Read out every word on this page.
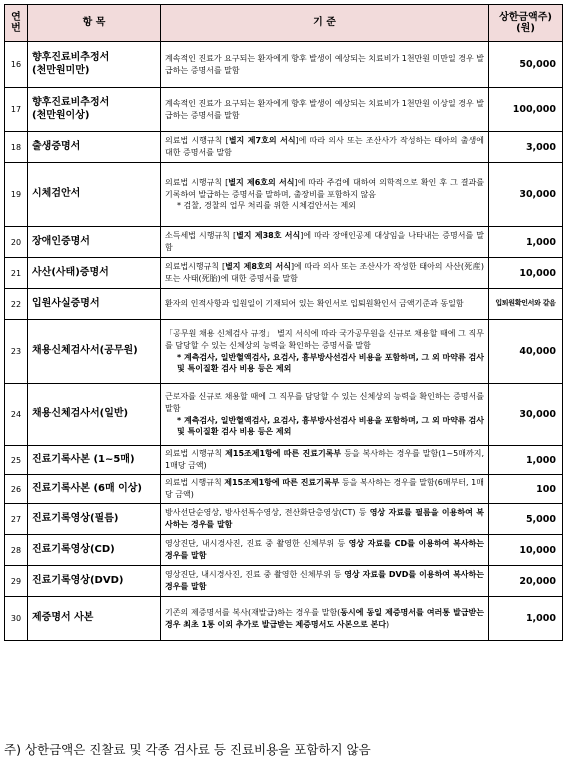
연
번	항 목	기 준	상한금액주)
(원)
16	향후진료비추정서
(천만원미만)	계속적인 진료가 요구되는 환자에게 향후 발생이 예상되는 치료비가 1천만원 미만일 경우 발급하는 증명서를 말함	50,000
17	향후진료비추정서
(천만원이상)	계속적인 진료가 요구되는 환자에게 향후 발생이 예상되는 치료비가 1천만원 이상일 경우 발급하는 증명서를 말함	100,000
18	출생증명서	의료법 시행규칙 [별지 제7호의 서식]에 따라 의사 또는 조산사가 작성하는 태아의 출생에 대한 증명서를 말함	3,000
19	시체검안서	의료법 시행규칙 [별지 제6호의 서식]에 따라 주검에 대하여 의학적으로 확인 후 그 결과를 기록하여 발급하는 증명서를 말하며, 출장비를 포함하지 않음
* 검찰, 경찰의 업무 처리를 위한 시체검안서는 제외	30,000
20	장애인증명서	소득세법 시행규칙 [별지 제38호 서식]에 따라 장애인공제 대상임을 나타내는 증명서를 말함	1,000
21	사산(사태)증명서	의료법시행규칙 [별지 제8호의 서식]에 따라 의사 또는 조산사가 작성한 태아의 사산(死産) 또는 사태(死胎)에 대한 증명서를 말함	10,000
22	입원사실증명서	환자의 인적사항과 입원일이 기재되어 있는 확인서로 입퇴원확인서 금액기준과 동일함	입퇴원확인서와 같음
23	채용신체검사서(공무원)	「공무원 채용 신체검사 규정」 별지 서식에 따라 국가공무원을 신규로 채용할 때에 그 직무를 담당할 수 있는 신체상의 능력을 확인하는 증명서를 말함
* 계측검사, 일반혈액검사, 요검사, 흉부방사선검사 비용을 포함하며, 그 외 마약류 검사 및 특이질환 검사 비용 등은 제외	40,000
24	채용신체검사서(일반)	근로자를 신규로 채용할 때에 그 직무를 담당할 수 있는 신체상의 능력을 확인하는 증명서를 말함
* 계측검사, 일반혈액검사, 요검사, 흉부방사선검사 비용을 포함하며, 그 외 마약류 검사 및 특이질환 검사 비용 등은 제외	30,000
25	진료기록사본 (1~5매)	의료법 시행규칙 제15조제1항에 따른 진료기록부 등을 복사하는 경우를 말함(1~5매까지, 1매당 금액)	1,000
26	진료기록사본 (6매 이상)	의료법 시행규칙 제15조제1항에 따른 진료기록부 등을 복사하는 경우를 말함(6매부터, 1매당 금액)	100
27	진료기록영상(필름)	방사선단순영상, 방사선특수영상, 전산화단층영상(CT) 등 영상 자료를 필름을 이용하여 복사하는 경우를 말함	5,000
28	진료기록영상(CD)	영상진단, 내시경사진, 진료 중 촬영한 신체부위 등 영상 자료를 CD를 이용하여 복사하는 경우를 말함	10,000
29	진료기록영상(DVD)	영상진단, 내시경사진, 진료 중 촬영한 신체부위 등 영상 자료를 DVD를 이용하여 복사하는 경우를 말함	20,000
30	제증명서 사본	기존의 제증명서를 복사(재발급)하는 경우를 말함(동시에 동일 제증명서를 여러통 발급받는 경우 최초 1통 이외 추가로 발급받는 제증명서도 사본으로 본다)	1,000
주) 상한금액은 진찰료 및 각종 검사료 등 진료비용을 포함하지 않음
